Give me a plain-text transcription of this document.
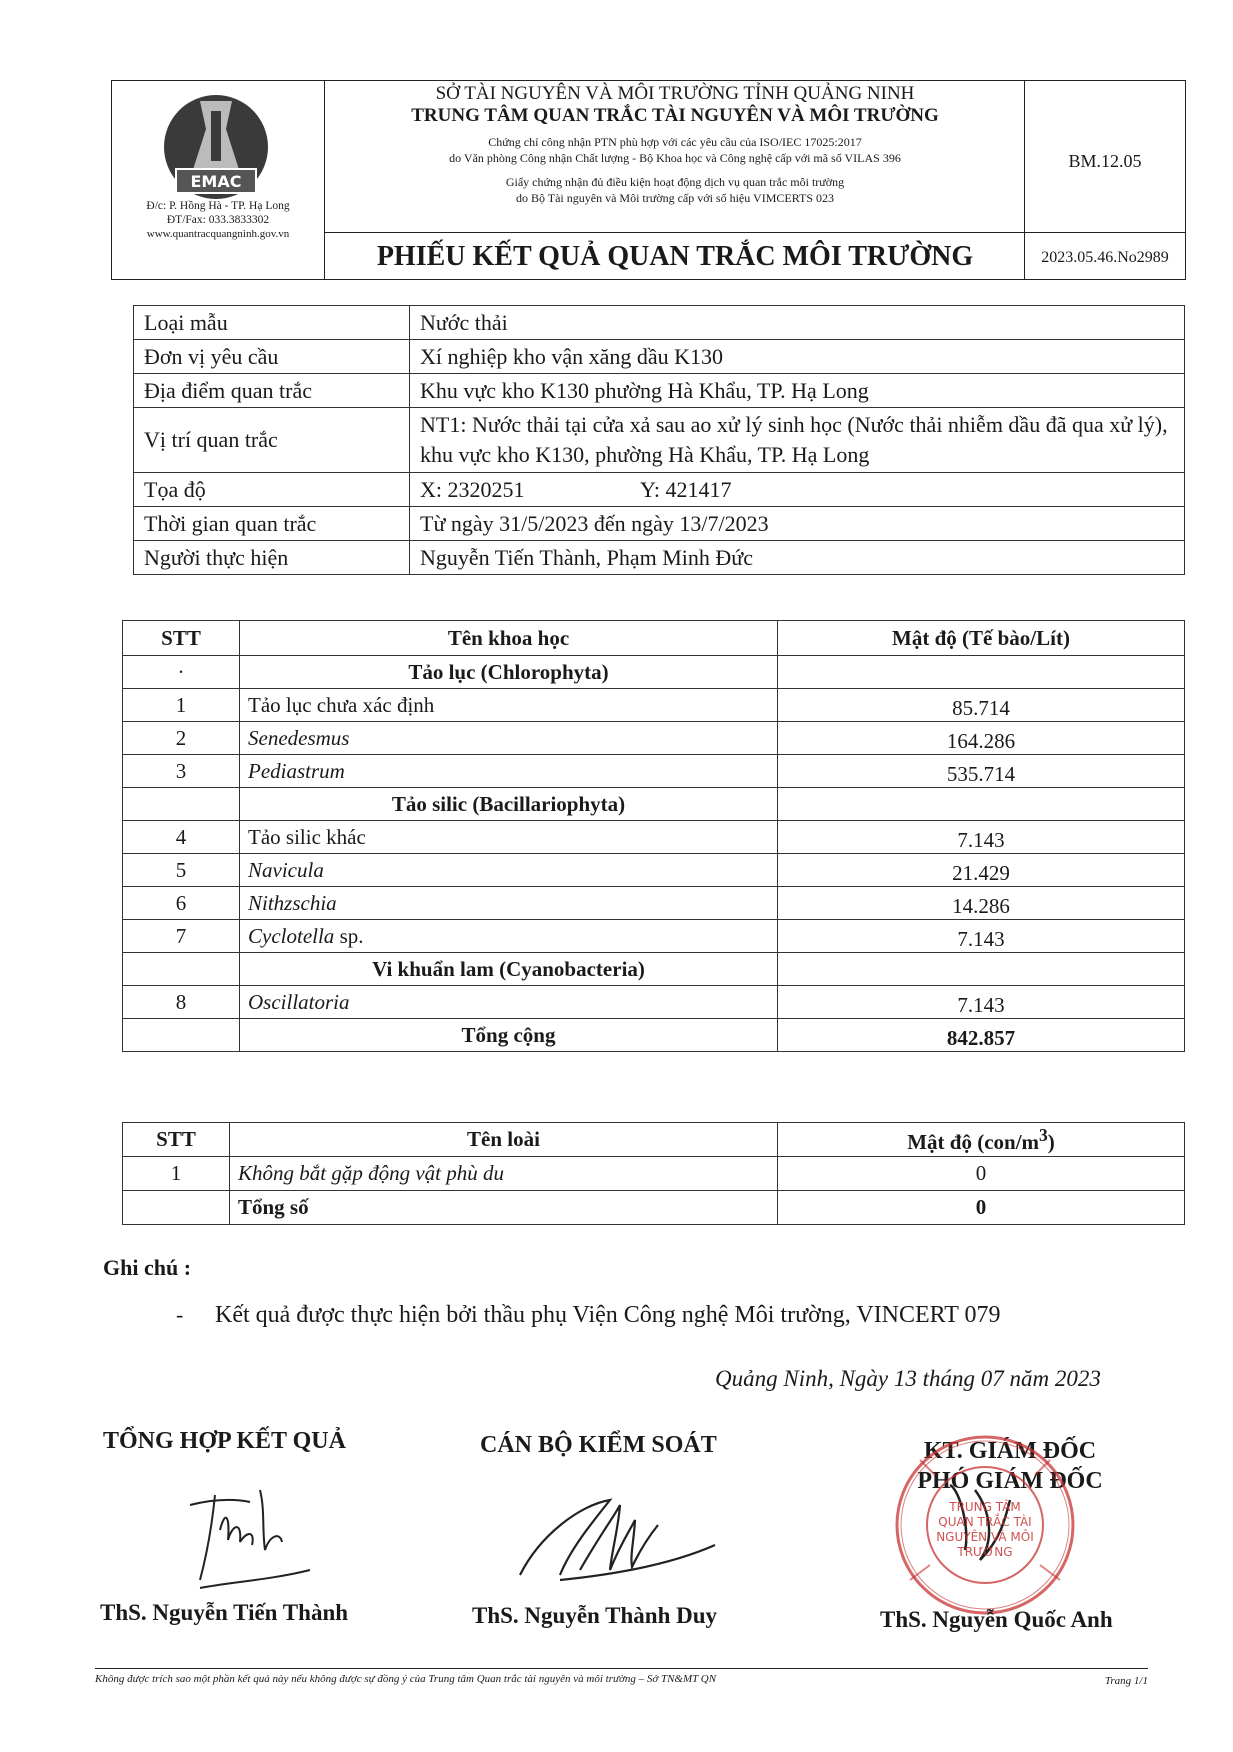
EMAC
Đ/c: P. Hồng Hà - TP. Hạ Long
ĐT/Fax: 033.3833302
www.quantracquangninh.gov.vn
SỞ TÀI NGUYÊN VÀ MÔI TRƯỜNG TỈNH QUẢNG NINH
TRUNG TÂM QUAN TRẮC TÀI NGUYÊN VÀ MÔI TRƯỜNG
Chứng chỉ công nhận PTN phù hợp với các yêu cầu của ISO/IEC 17025:2017
do Văn phòng Công nhận Chất lượng - Bộ Khoa học và Công nghệ cấp với mã số VILAS 396
Giấy chứng nhận đủ điều kiện hoạt động dịch vụ quan trắc môi trường
do Bộ Tài nguyên và Môi trường cấp với số hiệu VIMCERTS 023
PHIẾU KẾT QUẢ QUAN TRẮC MÔI TRƯỜNG
BM.12.05
2023.05.46.No2989
Loại mẫu	Nước thải
Đơn vị yêu cầu	Xí nghiệp kho vận xăng dầu K130
Địa điểm quan trắc	Khu vực kho K130 phường Hà Khẩu, TP. Hạ Long
Vị trí quan trắc	NT1: Nước thải tại cửa xả sau ao xử lý sinh học (Nước thải nhiễm dầu đã qua xử lý), khu vực kho K130, phường Hà Khẩu, TP. Hạ Long
Tọa độ	X: 2320251 Y: 421417
Thời gian quan trắc	Từ ngày 31/5/2023 đến ngày 13/7/2023
Người thực hiện	Nguyễn Tiến Thành, Phạm Minh Đức
STT	Tên khoa học	Mật độ (Tế bào/Lít)
·	Tảo lục (Chlorophyta)	
1	Tảo lục chưa xác định	85.714
2	Senedesmus	164.286
3	Pediastrum	535.714
	Tảo silic (Bacillariophyta)	
4	Tảo silic khác	7.143
5	Navicula	21.429
6	Nithzschia	14.286
7	Cyclotella sp.	7.143
	Vi khuẩn lam (Cyanobacteria)	
8	Oscillatoria	7.143
	Tổng cộng	842.857
STT	Tên loài	Mật độ $(con/m^3)$
1	Không bắt gặp động vật phù du	0
	Tổng số	0
Ghi chú :
- Kết quả được thực hiện bởi thầu phụ Viện Công nghệ Môi trường, VINCERT 079
Quảng Ninh, Ngày 13 tháng 07 năm 2023
TỔNG HỢP KẾT QUẢ	CÁN BỘ KIỂM SOÁT	KT. GIÁM ĐỐC
PHÓ GIÁM ĐỐC
TRUNG TÂM QUAN TRẮC TÀI NGUYÊN VÀ MÔI TRƯỜNG
ThS. Nguyễn Tiến Thành	ThS. Nguyễn Thành Duy	ThS. Nguyễn Quốc Anh
Không được trích sao một phần kết quả này nếu không được sự đồng ý của Trung tâm Quan trắc tài nguyên và môi trường – Sở TN&MT QN	Trang 1/1
